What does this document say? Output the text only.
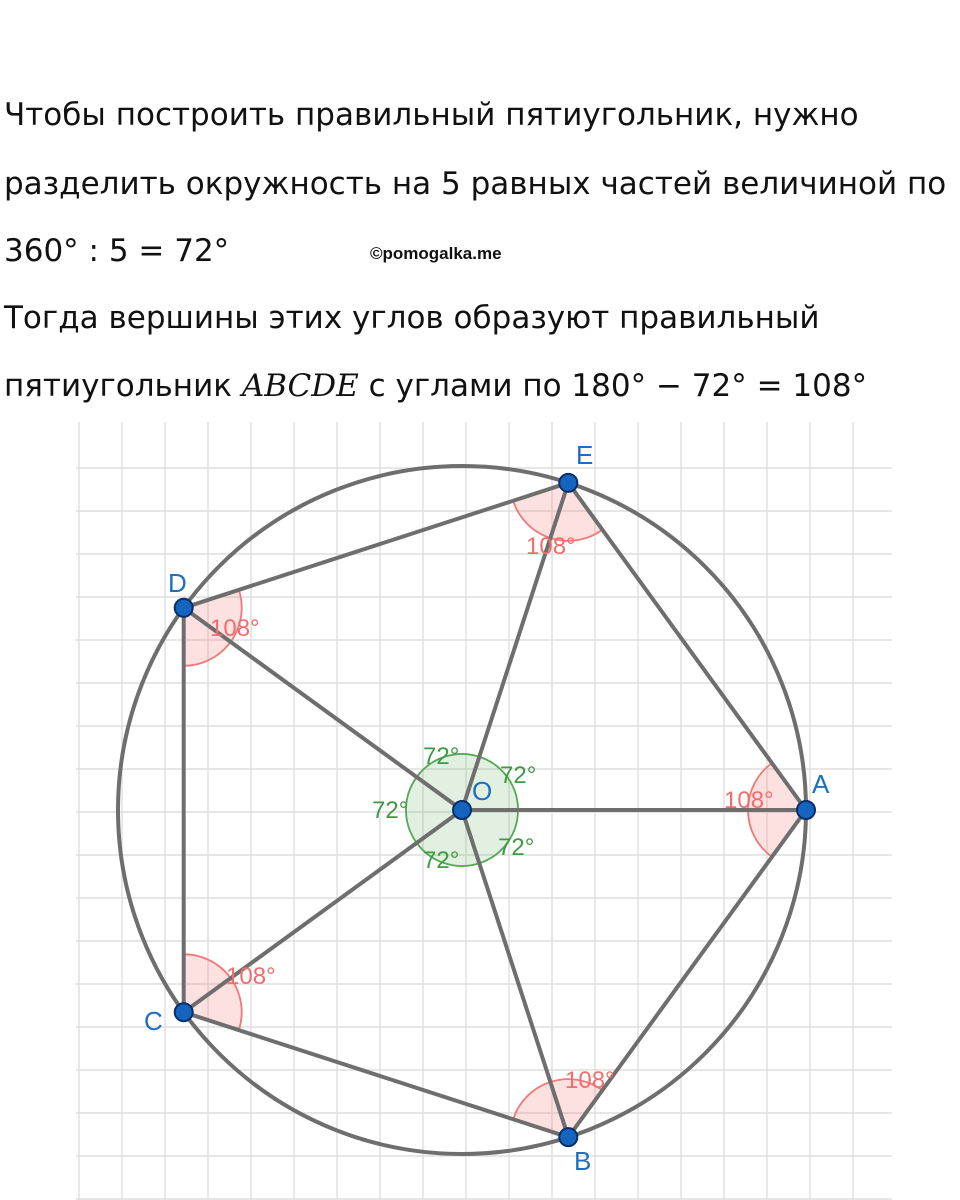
Чтобы построить правильный пятиугольник, нужно

разделить окружность на 5 равных частей величиной по

360° : 5 = 72°	©pomogalka.me

Тогда вершины этих углов образуют правильный

пятиугольник ABCDE с углами по 180° − 72° = 108°

108°
108°
108°
108°
108°
72°
72°
72°
72°
72°
O	A
B
C
D
E
